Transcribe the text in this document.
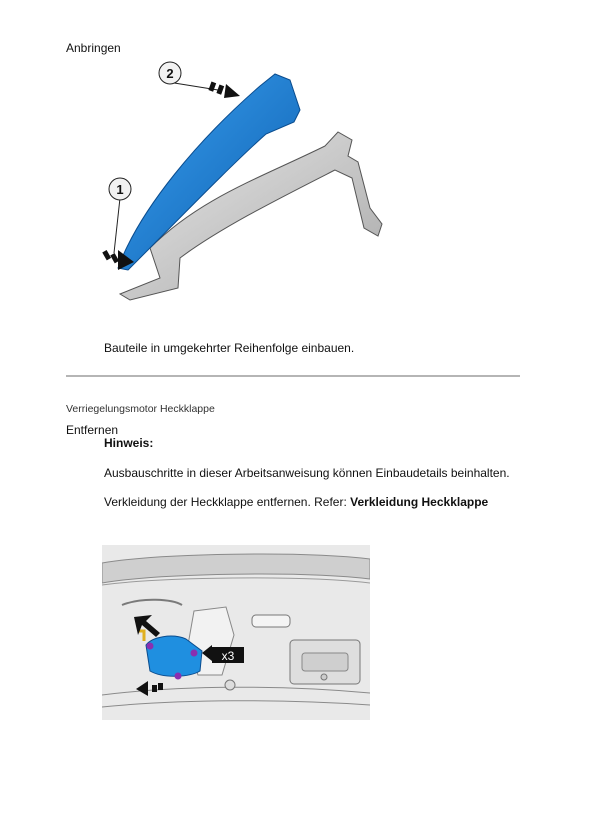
Anbringen
2
1
Bauteile in umgekehrter Reihenfolge einbauen.
Verriegelungsmotor Heckklappe
Entfernen
Hinweis:
Ausbauschritte in dieser Arbeitsanweisung können Einbaudetails beinhalten.
Verkleidung der Heckklappe entfernen. Refer: Verkleidung Heckklappe
x3
